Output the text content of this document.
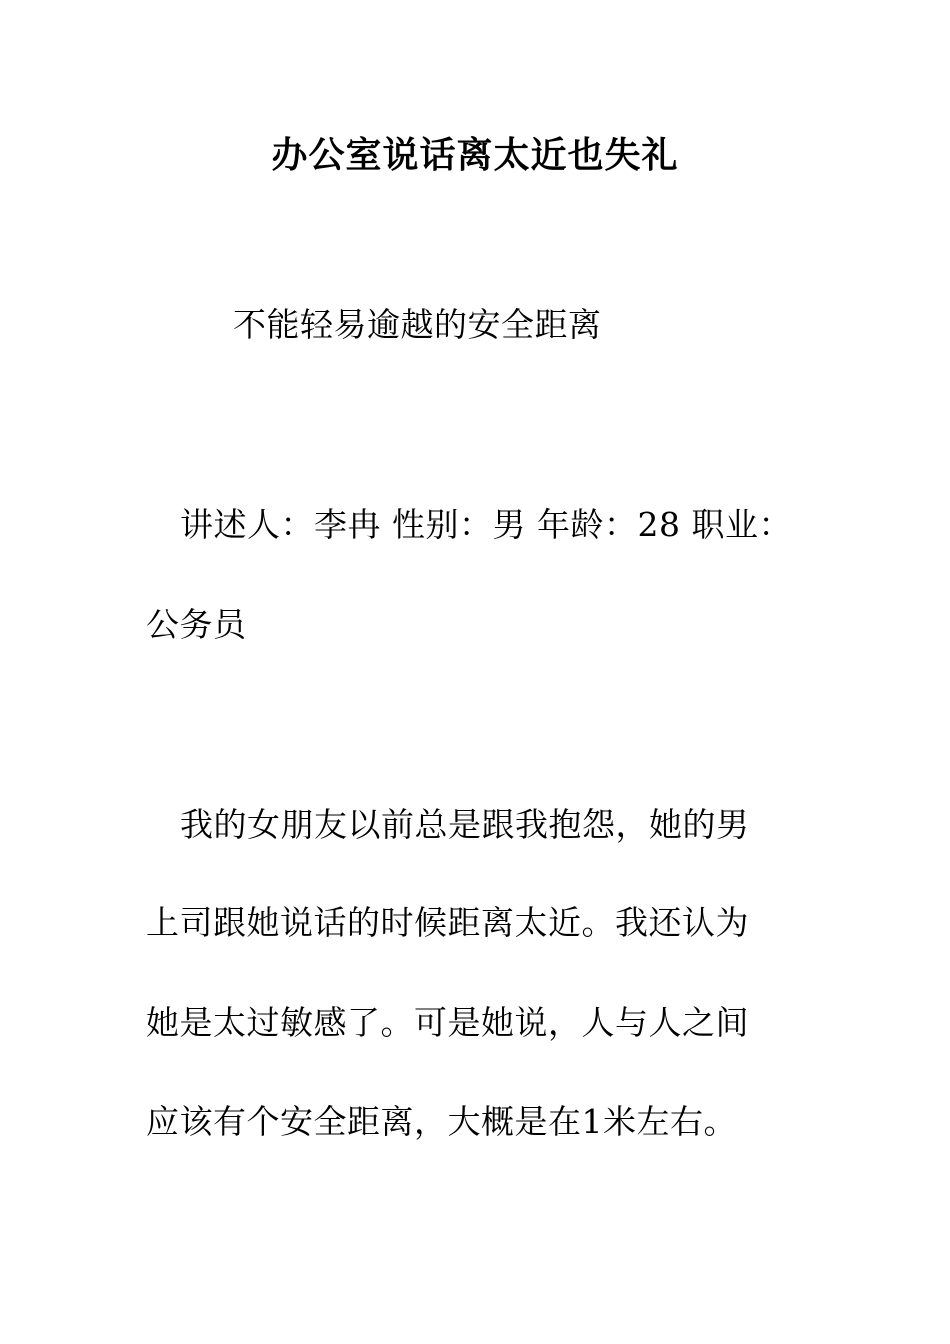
办公室说话离太近也失礼
不能轻易逾越的安全距离
讲述人：李冉 性别：男 年龄：28 职业：
公务员
我的女朋友以前总是跟我抱怨，她的男
上司跟她说话的时候距离太近。我还认为
她是太过敏感了。可是她说，人与人之间
应该有个安全距离，大概是在1米左右。
